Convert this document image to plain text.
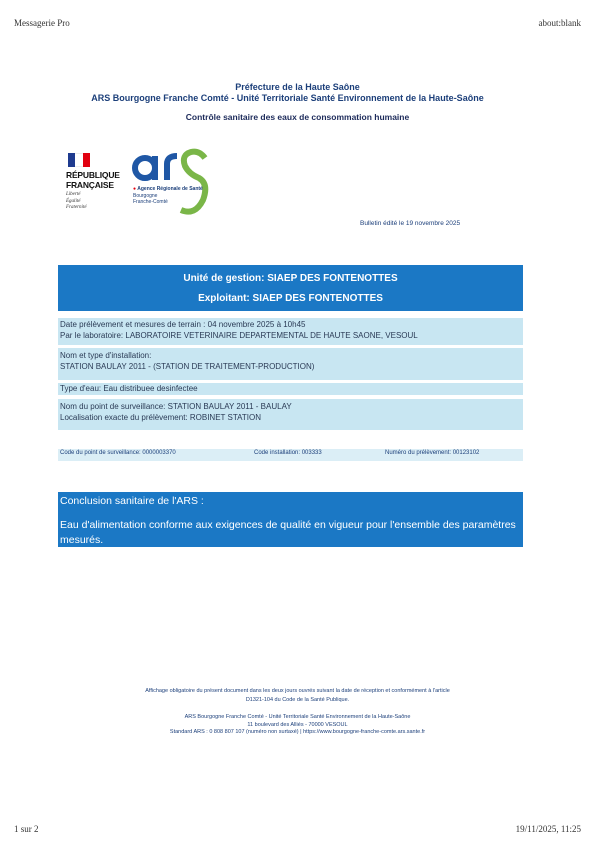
Messagerie Pro	about:blank
Préfecture de la Haute Saône
ARS Bourgogne Franche Comté - Unité Territoriale Santé Environnement de la Haute-Saône
Contrôle sanitaire des eaux de consommation humaine
RÉPUBLIQUE
FRANÇAISE
Liberté
Égalité
Fraternité
● Agence Régionale de Santé
Bourgogne
Franche-Comté
Bulletin édité le 19 novembre 2025
Unité de gestion: SIAEP DES FONTENOTTES
Exploitant: SIAEP DES FONTENOTTES
Date prélèvement et mesures de terrain : 04 novembre 2025 à 10h45
Par le laboratoire: LABORATOIRE VETERINAIRE DEPARTEMENTAL DE HAUTE SAONE, VESOUL
Nom et type d'installation:
STATION BAULAY 2011 - (STATION DE TRAITEMENT-PRODUCTION)
Type d'eau: Eau distribuee desinfectee
Nom du point de surveillance: STATION BAULAY 2011 - BAULAY
Localisation exacte du prélèvement: ROBINET STATION
Code du point de surveillance: 0000003370	Code installation: 003333	Numéro du prélèvement: 00123102
Conclusion sanitaire de l'ARS :
Eau d'alimentation conforme aux exigences de qualité en vigueur pour l'ensemble des paramètres mesurés.
Affichage obligatoire du présent document dans les deux jours ouvrés suivant la date de réception et conformément à l'article
D1321-104 du Code de la Santé Publique.
ARS Bourgogne Franche Comté - Unité Territoriale Santé Environnement de la Haute-Saône
11 boulevard des Alliés - 70000 VESOUL
Standard ARS : 0 808 807 107 (numéro non surtaxé) | https://www.bourgogne-franche-comte.ars.sante.fr
1 sur 2	19/11/2025, 11:25
